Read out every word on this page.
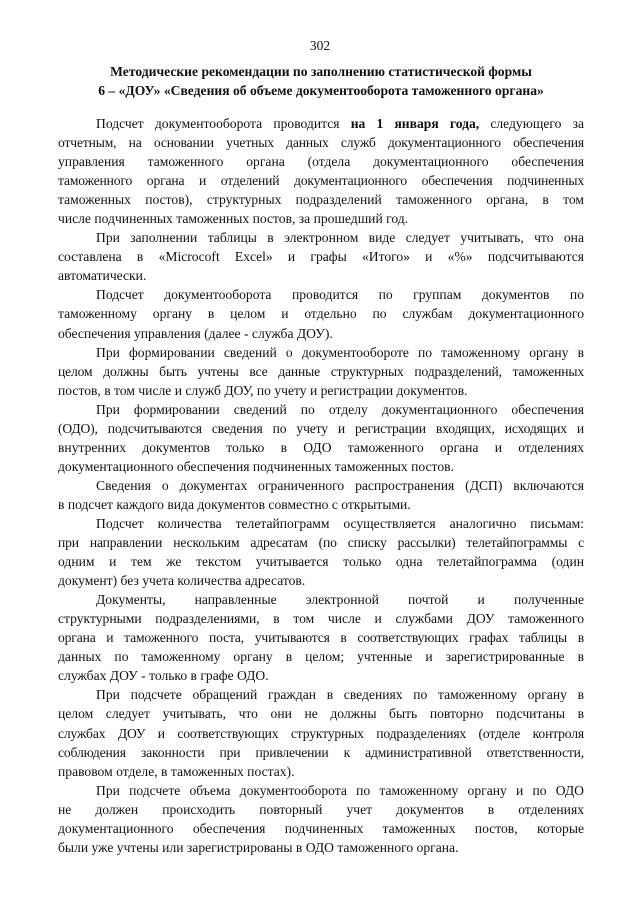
302
Методические рекомендации по заполнению статистической формы
6 – «ДОУ» «Сведения об объеме документооборота таможенного органа»

Подсчет документооборота проводится на 1 января года, следующего за
отчетным, на основании учетных данных служб документационного обеспечения
управления таможенного органа (отдела документационного обеспечения
таможенного органа и отделений документационного обеспечения подчиненных
таможенных постов), структурных подразделений таможенного органа, в том
числе подчиненных таможенных постов, за прошедший год.

При заполнении таблицы в электронном виде следует учитывать, что она
составлена в «Microcoft Excel» и графы «Итого» и «%» подсчитываются
автоматически.

Подсчет документооборота проводится по группам документов по
таможенному органу в целом и отдельно по службам документационного
обеспечения управления (далее - служба ДОУ).

При формировании сведений о документообороте по таможенному органу в
целом должны быть учтены все данные структурных подразделений, таможенных
постов, в том числе и служб ДОУ, по учету и регистрации документов.

При формировании сведений по отделу документационного обеспечения
(ОДО), подсчитываются сведения по учету и регистрации входящих, исходящих и
внутренних документов только в ОДО таможенного органа и отделениях
документационного обеспечения подчиненных таможенных постов.

Сведения о документах ограниченного распространения (ДСП) включаются
в подсчет каждого вида документов совместно с открытыми.

Подсчет количества телетайпограмм осуществляется аналогично письмам:
при направлении нескольким адресатам (по списку рассылки) телетайпограммы с
одним и тем же текстом учитывается только одна телетайпограмма (один
документ) без учета количества адресатов.

Документы, направленные электронной почтой и полученные
структурными подразделениями, в том числе и службами ДОУ таможенного
органа и таможенного поста, учитываются в соответствующих графах таблицы в
данных по таможенному органу в целом; учтенные и зарегистрированные в
службах ДОУ - только в графе ОДО.

При подсчете обращений граждан в сведениях по таможенному органу в
целом следует учитывать, что они не должны быть повторно подсчитаны в
службах ДОУ и соответствующих структурных подразделениях (отделе контроля
соблюдения законности при привлечении к административной ответственности,
правовом отделе, в таможенных постах).

При подсчете объема документооборота по таможенному органу и по ОДО
не должен происходить повторный учет документов в отделениях
документационного обеспечения подчиненных таможенных постов, которые
были уже учтены или зарегистрированы в ОДО таможенного органа.
